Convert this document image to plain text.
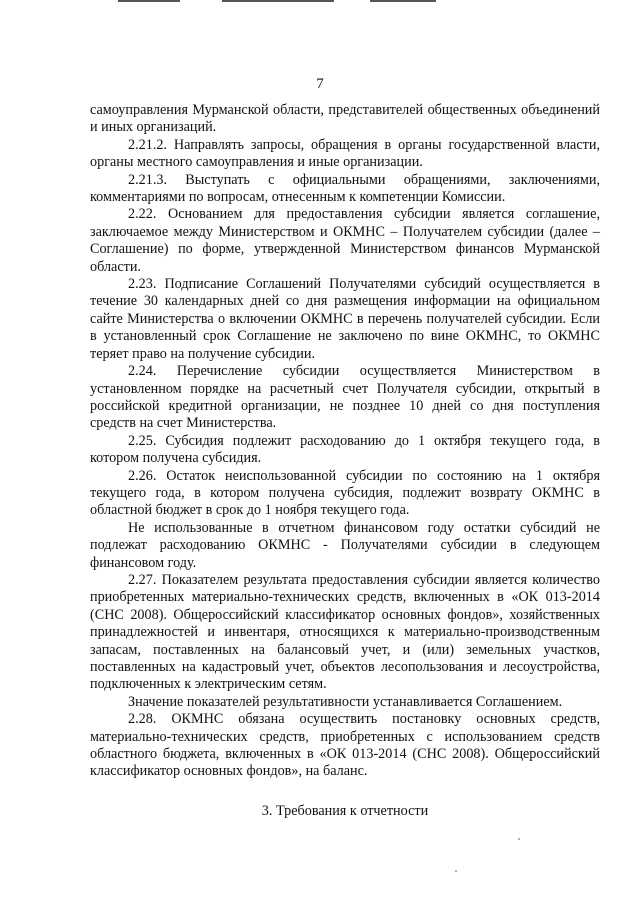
7

самоуправления Мурманской области, представителей общественных объединений и иных организаций.

2.21.2. Направлять запросы, обращения в органы государственной власти, органы местного самоуправления и иные организации.

2.21.3. Выступать с официальными обращениями, заключениями, комментариями по вопросам, отнесенным к компетенции Комиссии.

2.22. Основанием для предоставления субсидии является соглашение, заключаемое между Министерством и ОКМНС – Получателем субсидии (далее – Соглашение) по форме, утвержденной Министерством финансов Мурманской области.

2.23. Подписание Соглашений Получателями субсидий осуществляется в течение 30 календарных дней со дня размещения информации на официальном сайте Министерства о включении ОКМНС в перечень получателей субсидии. Если в установленный срок Соглашение не заключено по вине ОКМНС, то ОКМНС теряет право на получение субсидии.

2.24. Перечисление субсидии осуществляется Министерством в установленном порядке на расчетный счет Получателя субсидии, открытый в российской кредитной организации, не позднее 10 дней со дня поступления средств на счет Министерства.

2.25. Субсидия подлежит расходованию до 1 октября текущего года, в котором получена субсидия.

2.26. Остаток неиспользованной субсидии по состоянию на 1 октября текущего года, в котором получена субсидия, подлежит возврату ОКМНС в областной бюджет в срок до 1 ноября текущего года.

Не использованные в отчетном финансовом году остатки субсидий не подлежат расходованию ОКМНС - Получателями субсидии в следующем финансовом году.

2.27. Показателем результата предоставления субсидии является количество приобретенных материально-технических средств, включенных в «ОК 013-2014 (СНС 2008). Общероссийский классификатор основных фондов», хозяйственных принадлежностей и инвентаря, относящихся к материально-производственным запасам, поставленных на балансовый учет, и (или) земельных участков, поставленных на кадастровый учет, объектов лесопользования и лесоустройства, подключенных к электрическим сетям.

Значение показателей результативности устанавливается Соглашением.

2.28. ОКМНС обязана осуществить постановку основных средств, материально-технических средств, приобретенных с использованием средств областного бюджета, включенных в «ОК 013-2014 (СНС 2008). Общероссийский классификатор основных фондов», на баланс.

3. Требования к отчетности
